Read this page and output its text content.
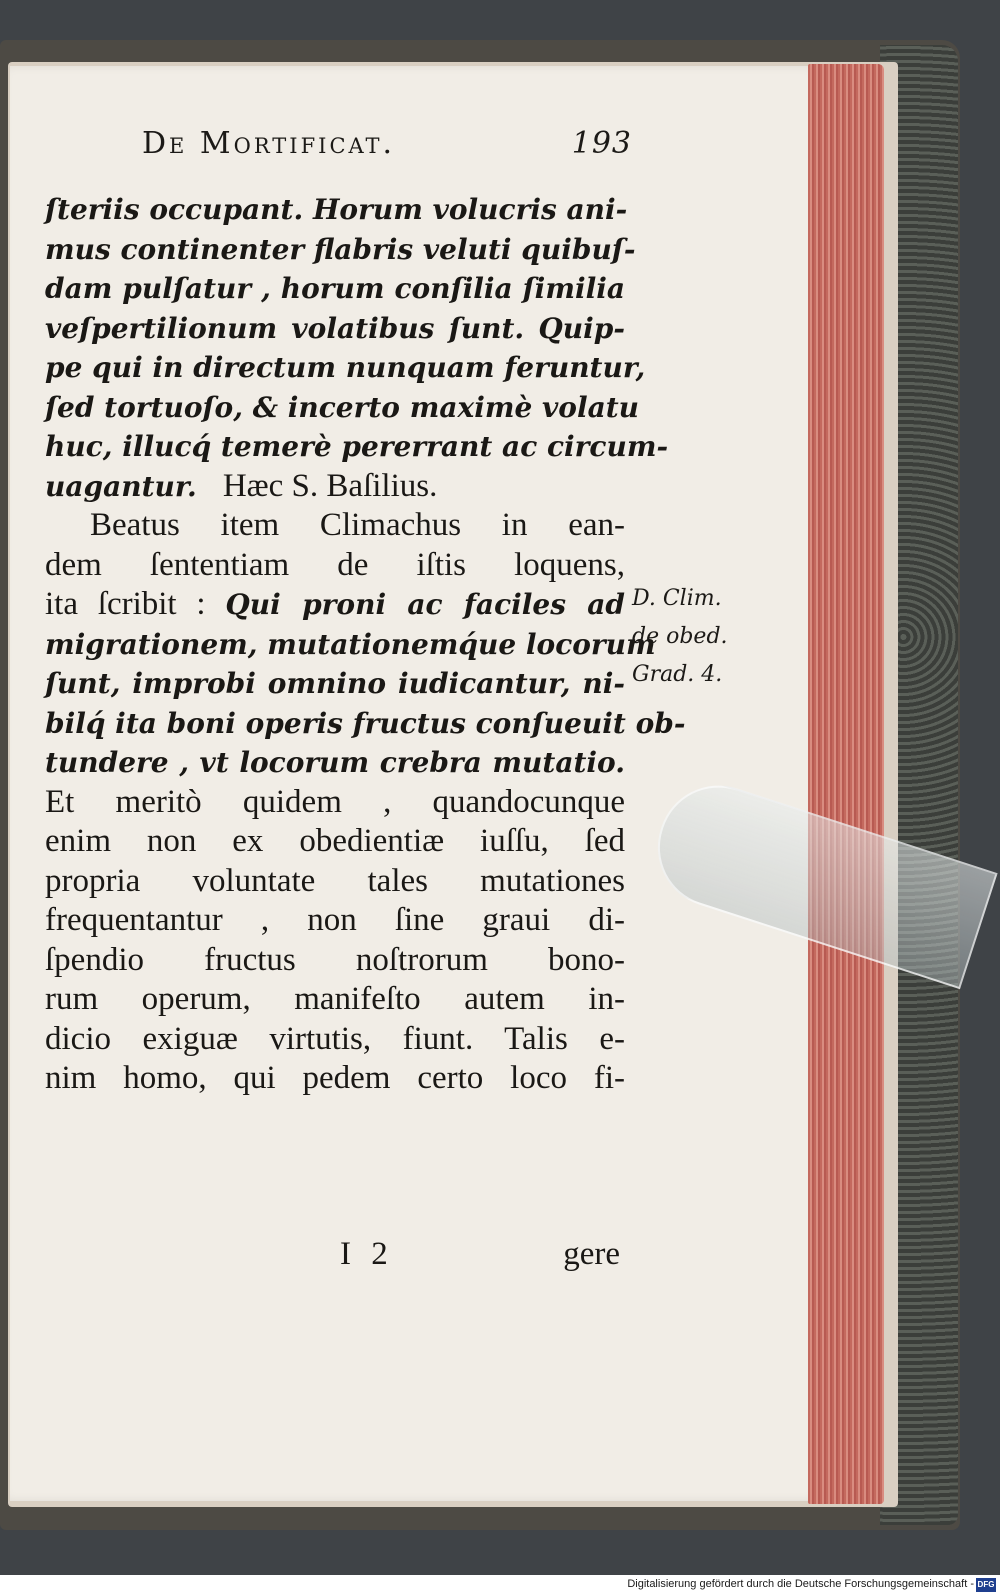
De Mortificat.	193
ſteriis occupant. Horum volucris ani-
mus continenter flabris veluti quibuſ-
dam pulſatur , horum conſilia ſimilia
veſpertilionum volatibus ſunt. Quip-
pe qui in directum nunquam feruntur,
ſed tortuoſo, & incerto maximè volatu
huc, illucq́ temerè pererrant ac circum-
uagantur. Hæc S. Baſilius.
Beatus item Climachus in ean-
dem ſententiam de iſtis loquens,
ita ſcribit : Qui proni ac faciles ad
migrationem, mutationemq́ue locorum
ſunt, improbi omnino iudicantur, ni-
bilq́ ita boni operis fructus conſueuit ob-
tundere , vt locorum crebra mutatio.
Et meritò quidem , quandocunque
enim non ex obedientiæ iuſſu, ſed
propria voluntate tales mutationes
frequentantur , non ſine graui di-
ſpendio fructus noſtrorum bono-
rum operum, manifeſto autem in-
dicio exiguæ virtutis, fiunt. Talis e-
nim homo, qui pedem certo loco fi-
D. Clim.
de obed.
Grad. 4.
I 2	gere
Digitalisierung gefördert durch die Deutsche Forschungsgemeinschaft - DFG
